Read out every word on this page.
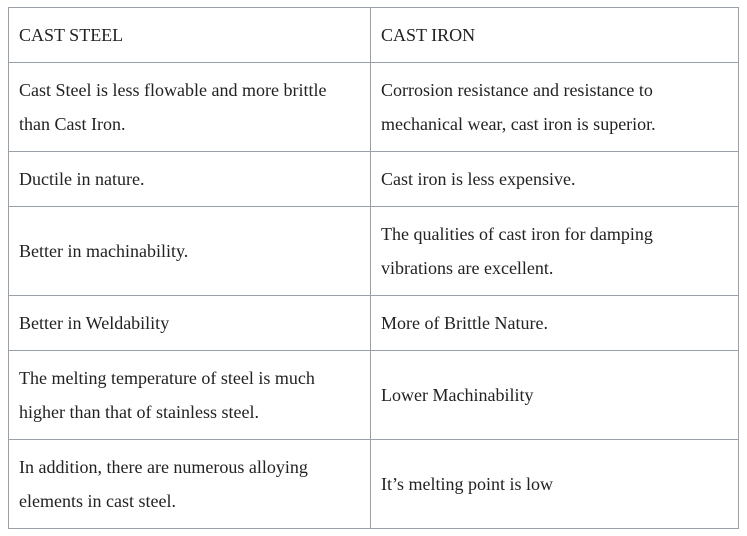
CAST STEEL	CAST IRON
Cast Steel is less flowable and more brittle than Cast Iron.	Corrosion resistance and resistance to mechanical wear, cast iron is superior.
Ductile in nature.	Cast iron is less expensive.
Better in machinability.	The qualities of cast iron for damping vibrations are excellent.
Better in Weldability	More of Brittle Nature.
The melting temperature of steel is much higher than that of stainless steel.	Lower Machinability
In addition, there are numerous alloying elements in cast steel.	It’s melting point is low
